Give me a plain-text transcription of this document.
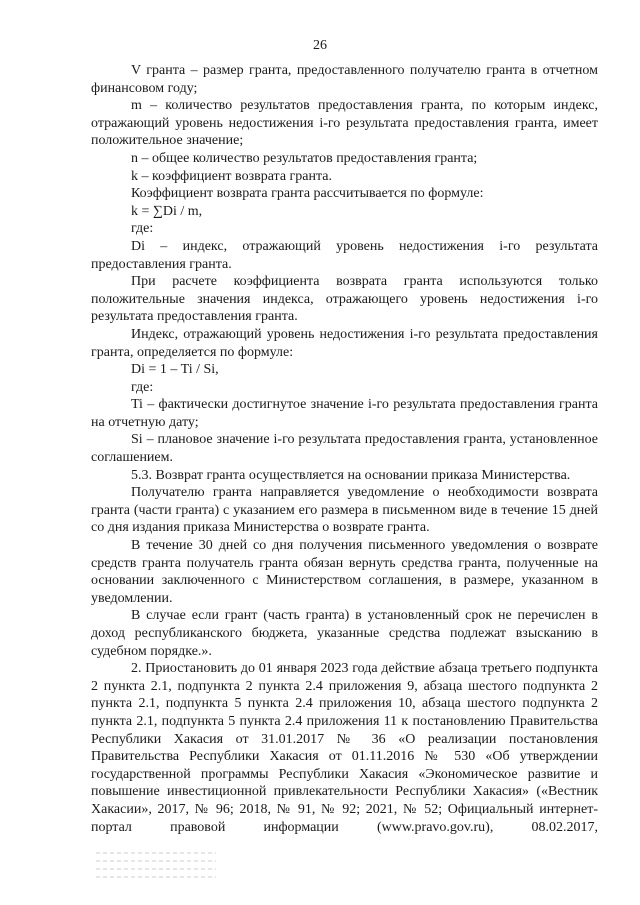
26

V гранта – размер гранта, предоставленного получателю гранта в отчетном финансовом году;

m – количество результатов предоставления гранта, по которым индекс, отражающий уровень недостижения i-го результата предоставления гранта, имеет положительное значение;

n – общее количество результатов предоставления гранта;

k – коэффициент возврата гранта.

Коэффициент возврата гранта рассчитывается по формуле:

k = ∑Di / m,

где:

Di – индекс, отражающий уровень недостижения i-го результата предоставления гранта.

При расчете коэффициента возврата гранта используются только положительные значения индекса, отражающего уровень недостижения i-го результата предоставления гранта.

Индекс, отражающий уровень недостижения i-го результата предоставления гранта, определяется по формуле:

Di = 1 – Ti / Si,

где:

Ti – фактически достигнутое значение i-го результата предоставления гранта на отчетную дату;

Si – плановое значение i-го результата предоставления гранта, установленное соглашением.

5.3. Возврат гранта осуществляется на основании приказа Министерства.

Получателю гранта направляется уведомление о необходимости возврата гранта (части гранта) с указанием его размера в письменном виде в течение 15 дней со дня издания приказа Министерства о возврате гранта.

В течение 30 дней со дня получения письменного уведомления о возврате средств гранта получатель гранта обязан вернуть средства гранта, полученные на основании заключенного с Министерством соглашения, в размере, указанном в уведомлении.

В случае если грант (часть гранта) в установленный срок не перечислен в доход республиканского бюджета, указанные средства подлежат взысканию в судебном порядке.».

2. Приостановить до 01 января 2023 года действие абзаца третьего подпункта 2 пункта 2.1, подпункта 2 пункта 2.4 приложения 9, абзаца шестого подпункта 2 пункта 2.1, подпункта 5 пункта 2.4 приложения 10, абзаца шестого подпункта 2 пункта 2.1, подпункта 5 пункта 2.4 приложения 11 к постановлению Правительства Республики Хакасия от 31.01.2017 № 36 «О реализации постановления Правительства Республики Хакасия от 01.11.2016 № 530 «Об утверждении государственной программы Республики Хакасия «Экономическое развитие и повышение инвестиционной привлекательности Республики Хакасия» («Вестник Хакасии», 2017, № 96; 2018, № 91, № 92; 2021, № 52; Официальный интернет-портал правовой информации (www.pravo.gov.ru), 08.02.2017,
